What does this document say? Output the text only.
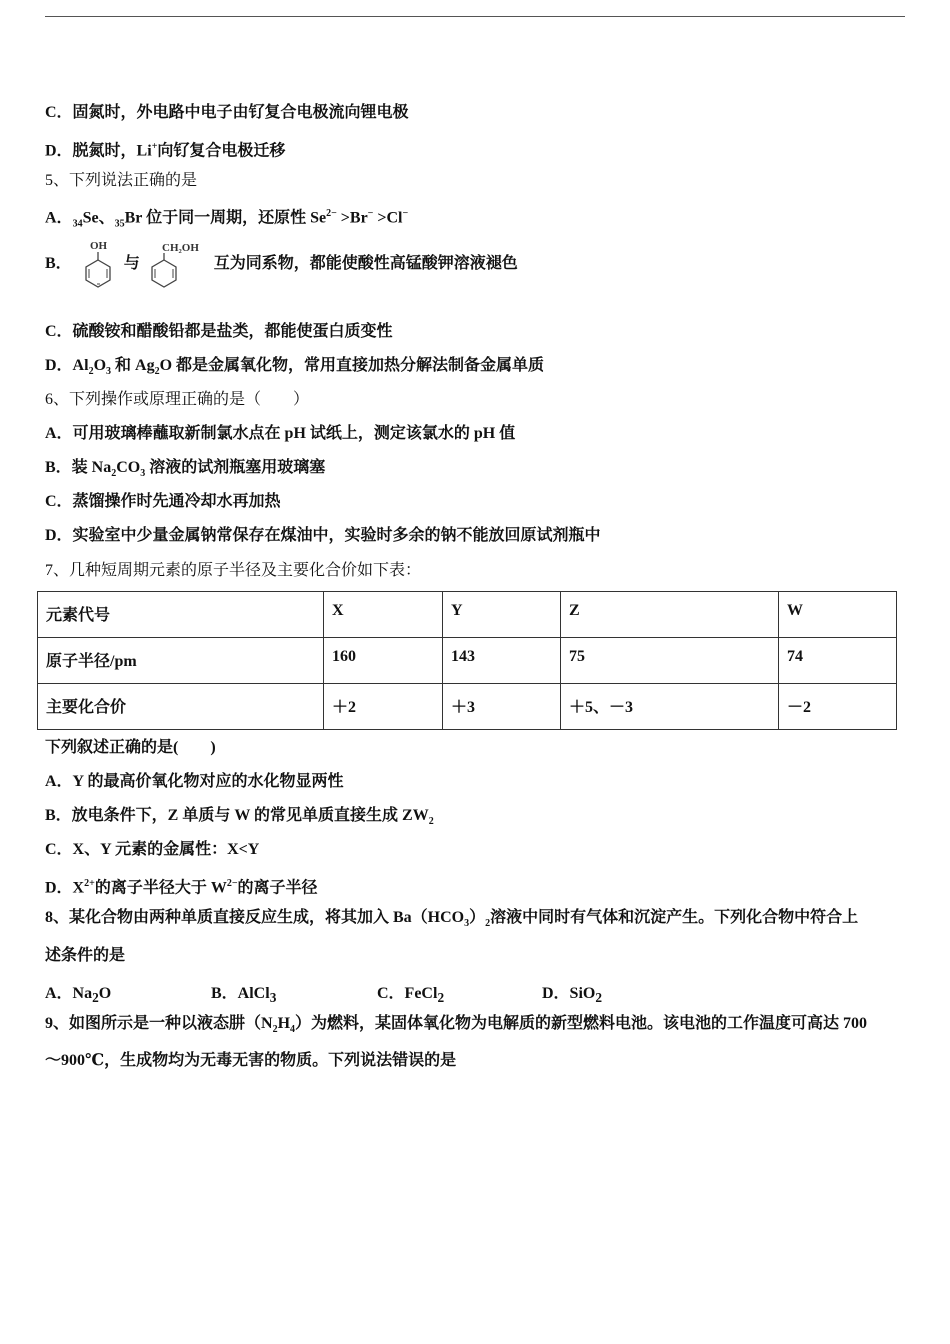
C．固氮时，外电路中电子由钌复合电极流向锂电极
D．脱氮时，Li+向钌复合电极迁移
5、下列说法正确的是
A．$_{34}$Se、$_{35}$Br 位于同一周期，还原性 $Se^{2-} >Br^- >Cl^-$
B．
OH
与
CH₂OH
互为同系物，都能使酸性高锰酸钾溶液褪色
C．硫酸铵和醋酸铅都是盐类，都能使蛋白质变性
D．$Al_2O_3$ 和 $Ag_2O$ 都是金属氧化物，常用直接加热分解法制备金属单质
6、下列操作或原理正确的是（　　）
A．可用玻璃棒蘸取新制氯水点在 pH 试纸上，测定该氯水的 pH 值
B．装 $Na_2CO_3$ 溶液的试剂瓶塞用玻璃塞
C．蒸馏操作时先通冷却水再加热
D．实验室中少量金属钠常保存在煤油中，实验时多余的钠不能放回原试剂瓶中
7、几种短周期元素的原子半径及主要化合价如下表：
元素代号	X	Y	Z	W
原子半径/pm	160	143	75	74
主要化合价	＋2	＋3	＋5、－3	－2
下列叙述正确的是(　　)
A．Y 的最高价氧化物对应的水化物显两性
B．放电条件下，Z 单质与 W 的常见单质直接生成 $ZW_2$
C．X、Y 元素的金属性：X<Y
D．$X^{2+}$的离子半径大于 $W^{2-}$的离子半径
8、某化合物由两种单质直接反应生成，将其加入 $Ba(HCO_3)_2$溶液中同时有气体和沉淀产生。下列化合物中符合上
述条件的是
A．$Na_2O$	B．AlCl$_3$	C．FeCl$_2$	D．SiO$_2$
9、如图所示是一种以液态肼$(N_2H_4)$为燃料，某固体氧化物为电解质的新型燃料电池。该电池的工作温度可高达 700
～900℃，生成物均为无毒无害的物质。下列说法错误的是
